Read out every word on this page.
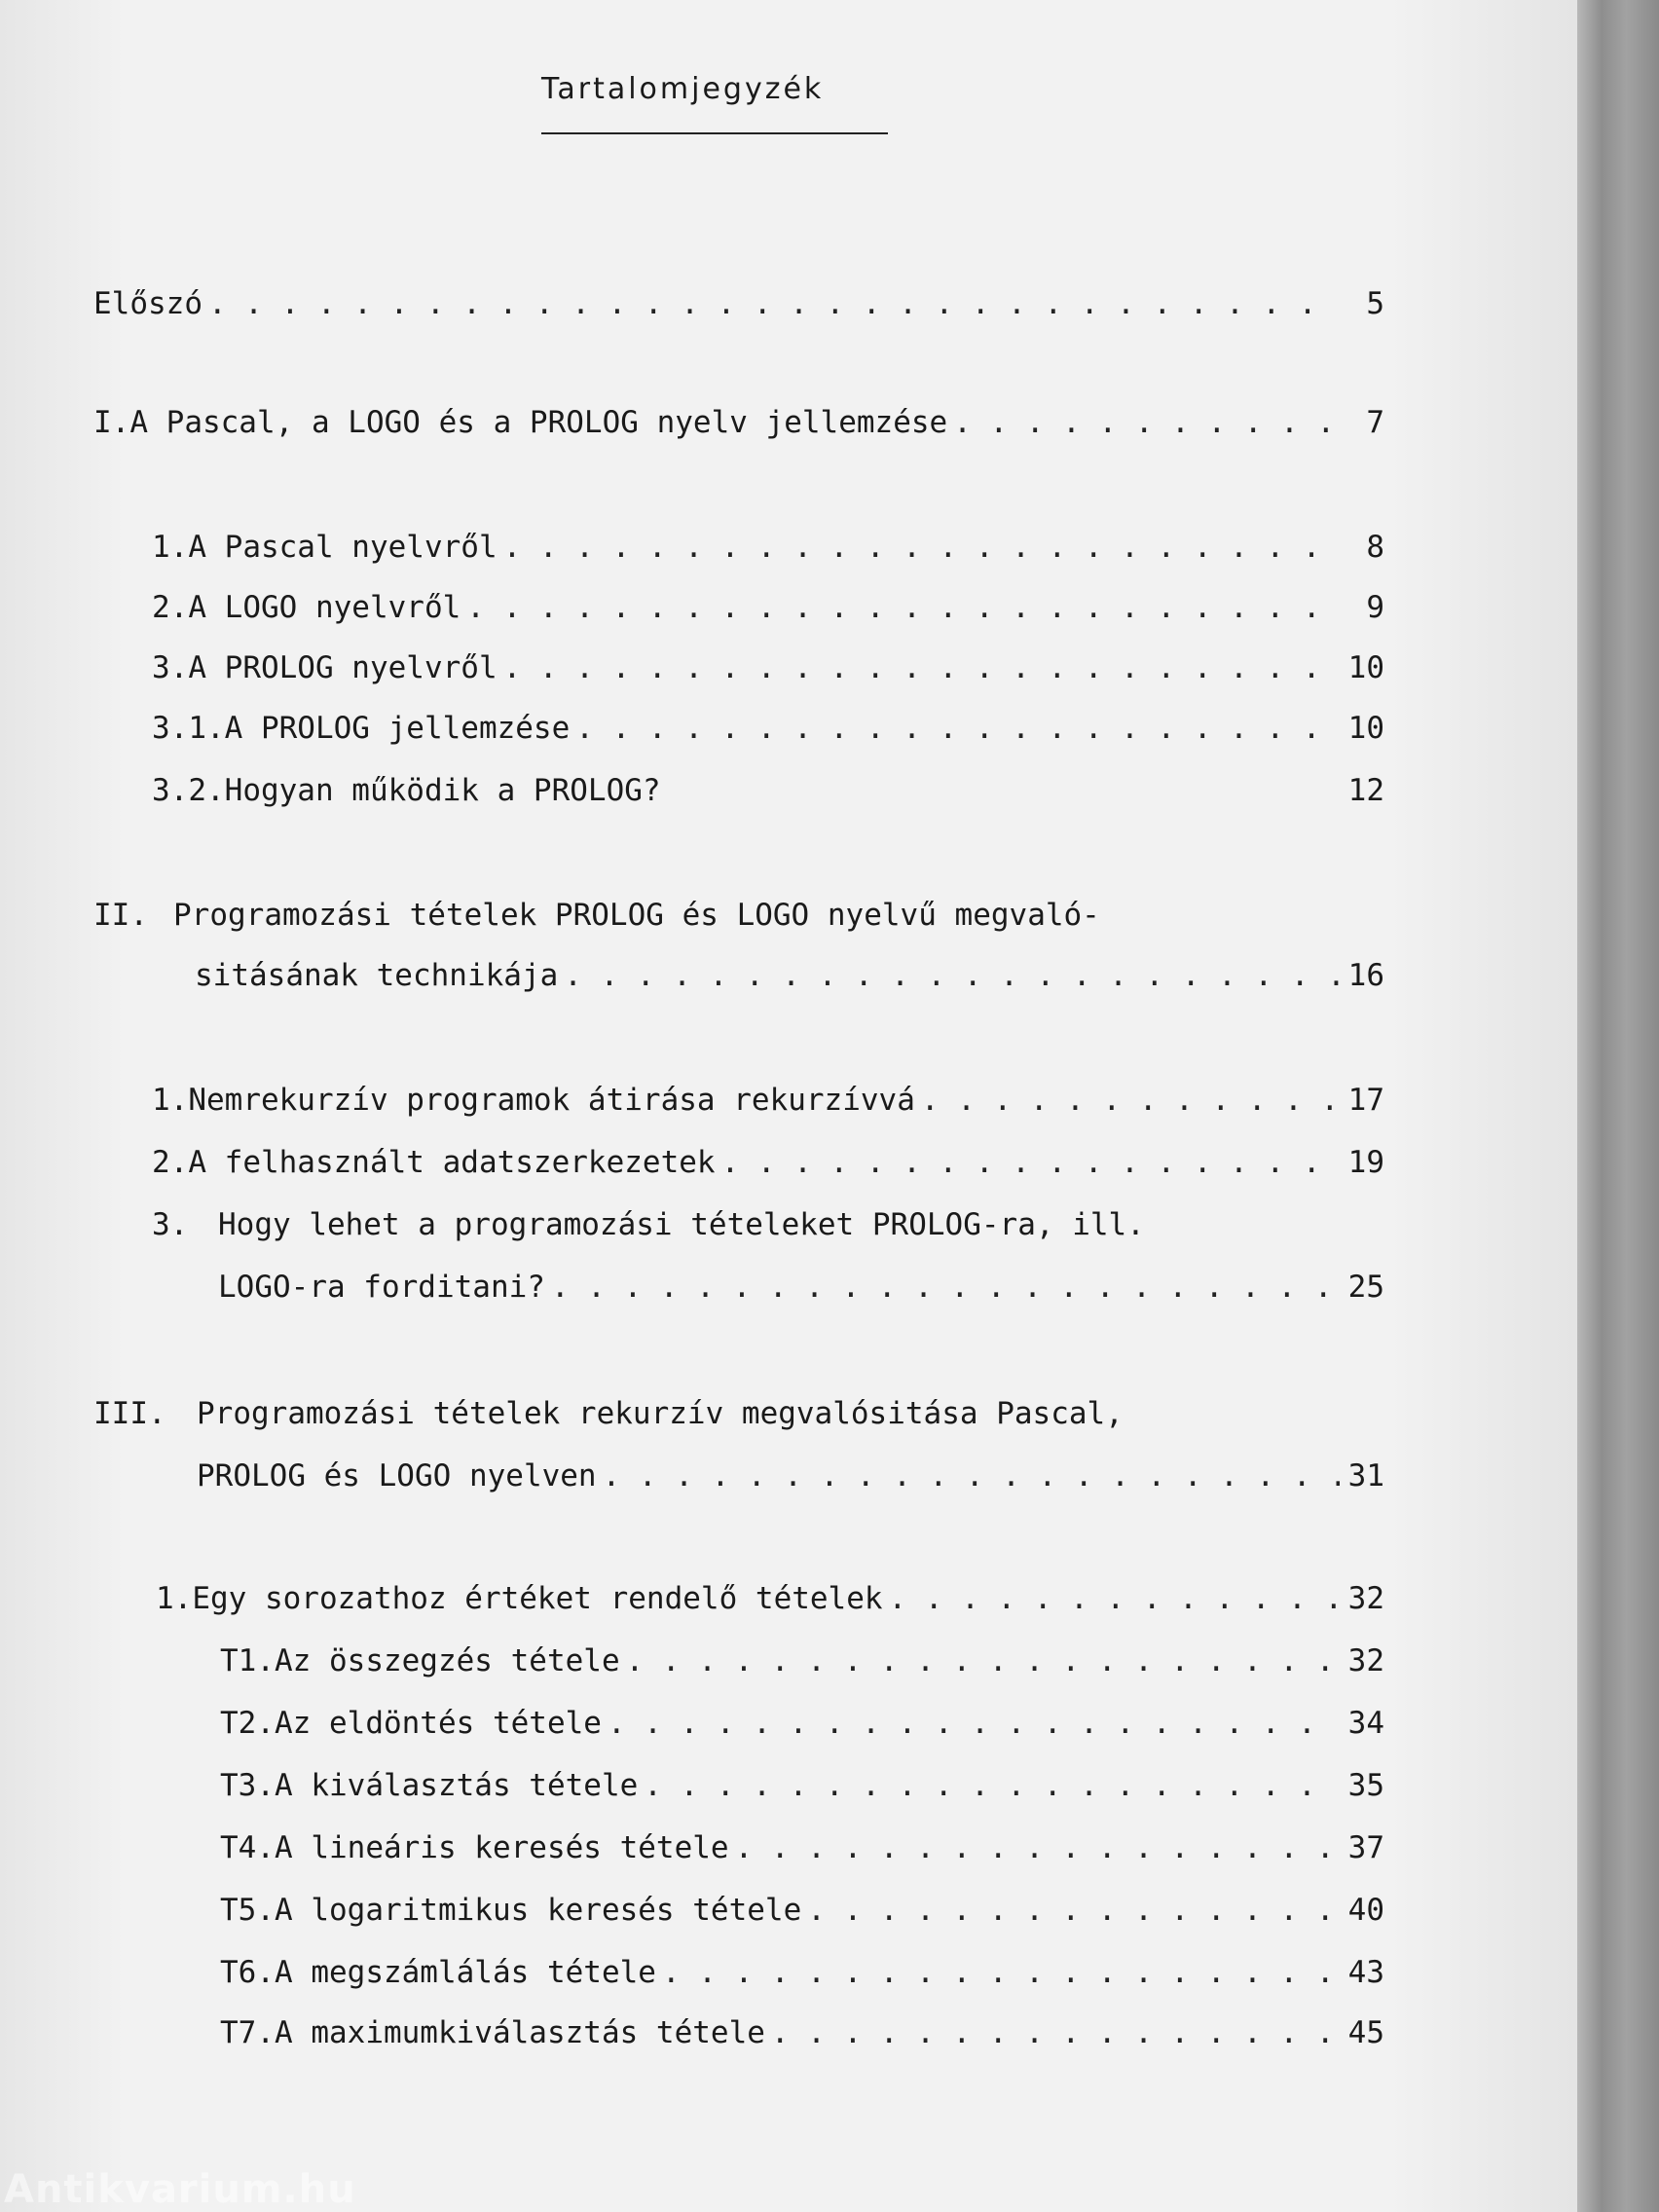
Tartalomjegyzék
Előszó . . .	5
I. A Pascal, a LOGO és a PROLOG nyelv jellemzése . . .	7
1. A Pascal nyelvről . . .	8
2. A LOGO nyelvről . . .	9
3. A PROLOG nyelvről . . .	10
3.1. A PROLOG jellemzése . . .	10
3.2. Hogyan működik a PROLOG?	12
II. Programozási tételek PROLOG és LOGO nyelvű megvaló-
sitásának technikája . . .	16
1. Nemrekurzív programok átirása rekurzívvá . . .	17
2. A felhasznált adatszerkezetek . . .	19
3. Hogy lehet a programozási tételeket PROLOG-ra, ill.
LOGO-ra forditani? . . .	25
III.	Programozási tételek rekurzív megvalósitása Pascal,
PROLOG és LOGO nyelven . . .	31
1. Egy sorozathoz értéket rendelő tételek . . .	32
T1. Az összegzés tétele . . .	32
T2. Az eldöntés tétele . . .	34
T3. A kiválasztás tétele . . .	35
T4. A lineáris keresés tétele . . .	37
T5. A logaritmikus keresés tétele . . .	40
T6. A megszámlálás tétele . . .	43
T7. A maximumkiválasztás tétele . . .	45
Antikvarium.hu
